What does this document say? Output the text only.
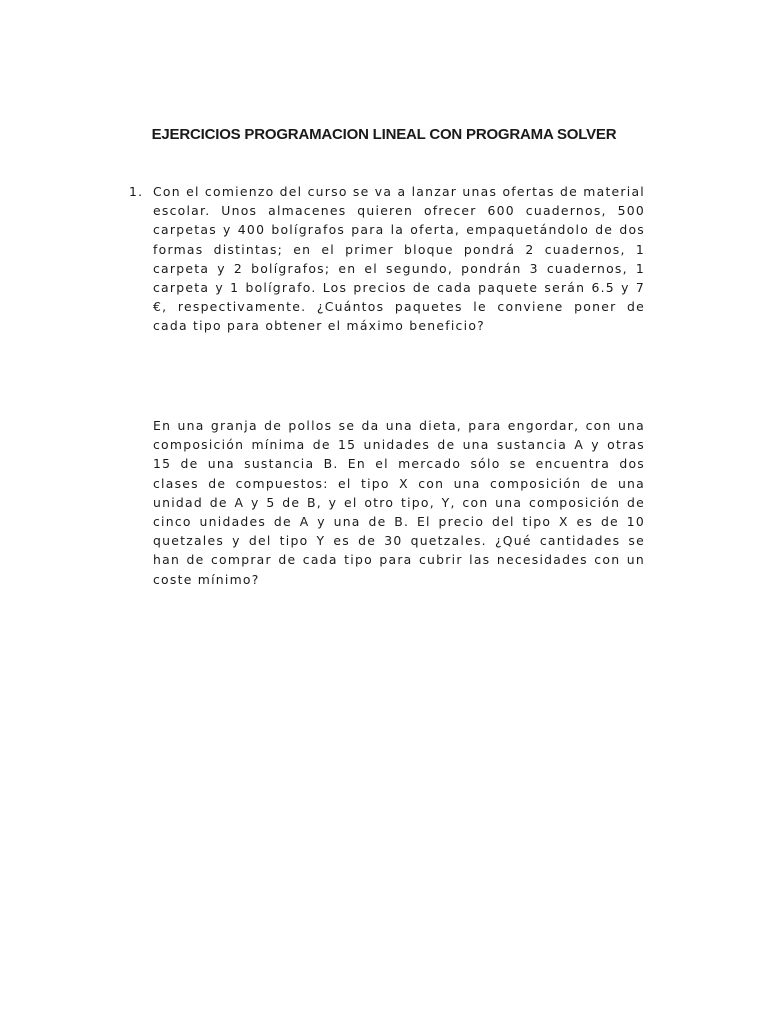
EJERCICIOS PROGRAMACION LINEAL CON PROGRAMA SOLVER
1. Con el comienzo del curso se va a lanzar unas ofertas de material escolar. Unos almacenes quieren ofrecer 600 cuadernos, 500 carpetas y 400 bolígrafos para la oferta, empaquetándolo de dos formas distintas; en el primer bloque pondrá 2 cuadernos, 1 carpeta y 2 bolígrafos; en el segundo, pondrán 3 cuadernos, 1 carpeta y 1 bolígrafo. Los precios de cada paquete serán 6.5 y 7 €, respectivamente. ¿Cuántos paquetes le conviene poner de cada tipo para obtener el máximo beneficio?

En una granja de pollos se da una dieta, para engordar, con una composición mínima de 15 unidades de una sustancia A y otras 15 de una sustancia B. En el mercado sólo se encuentra dos clases de compuestos: el tipo X con una composición de una unidad de A y 5 de B, y el otro tipo, Y, con una composición de cinco unidades de A y una de B. El precio del tipo X es de 10 quetzales y del tipo Y es de 30 quetzales. ¿Qué cantidades se han de comprar de cada tipo para cubrir las necesidades con un coste mínimo?
